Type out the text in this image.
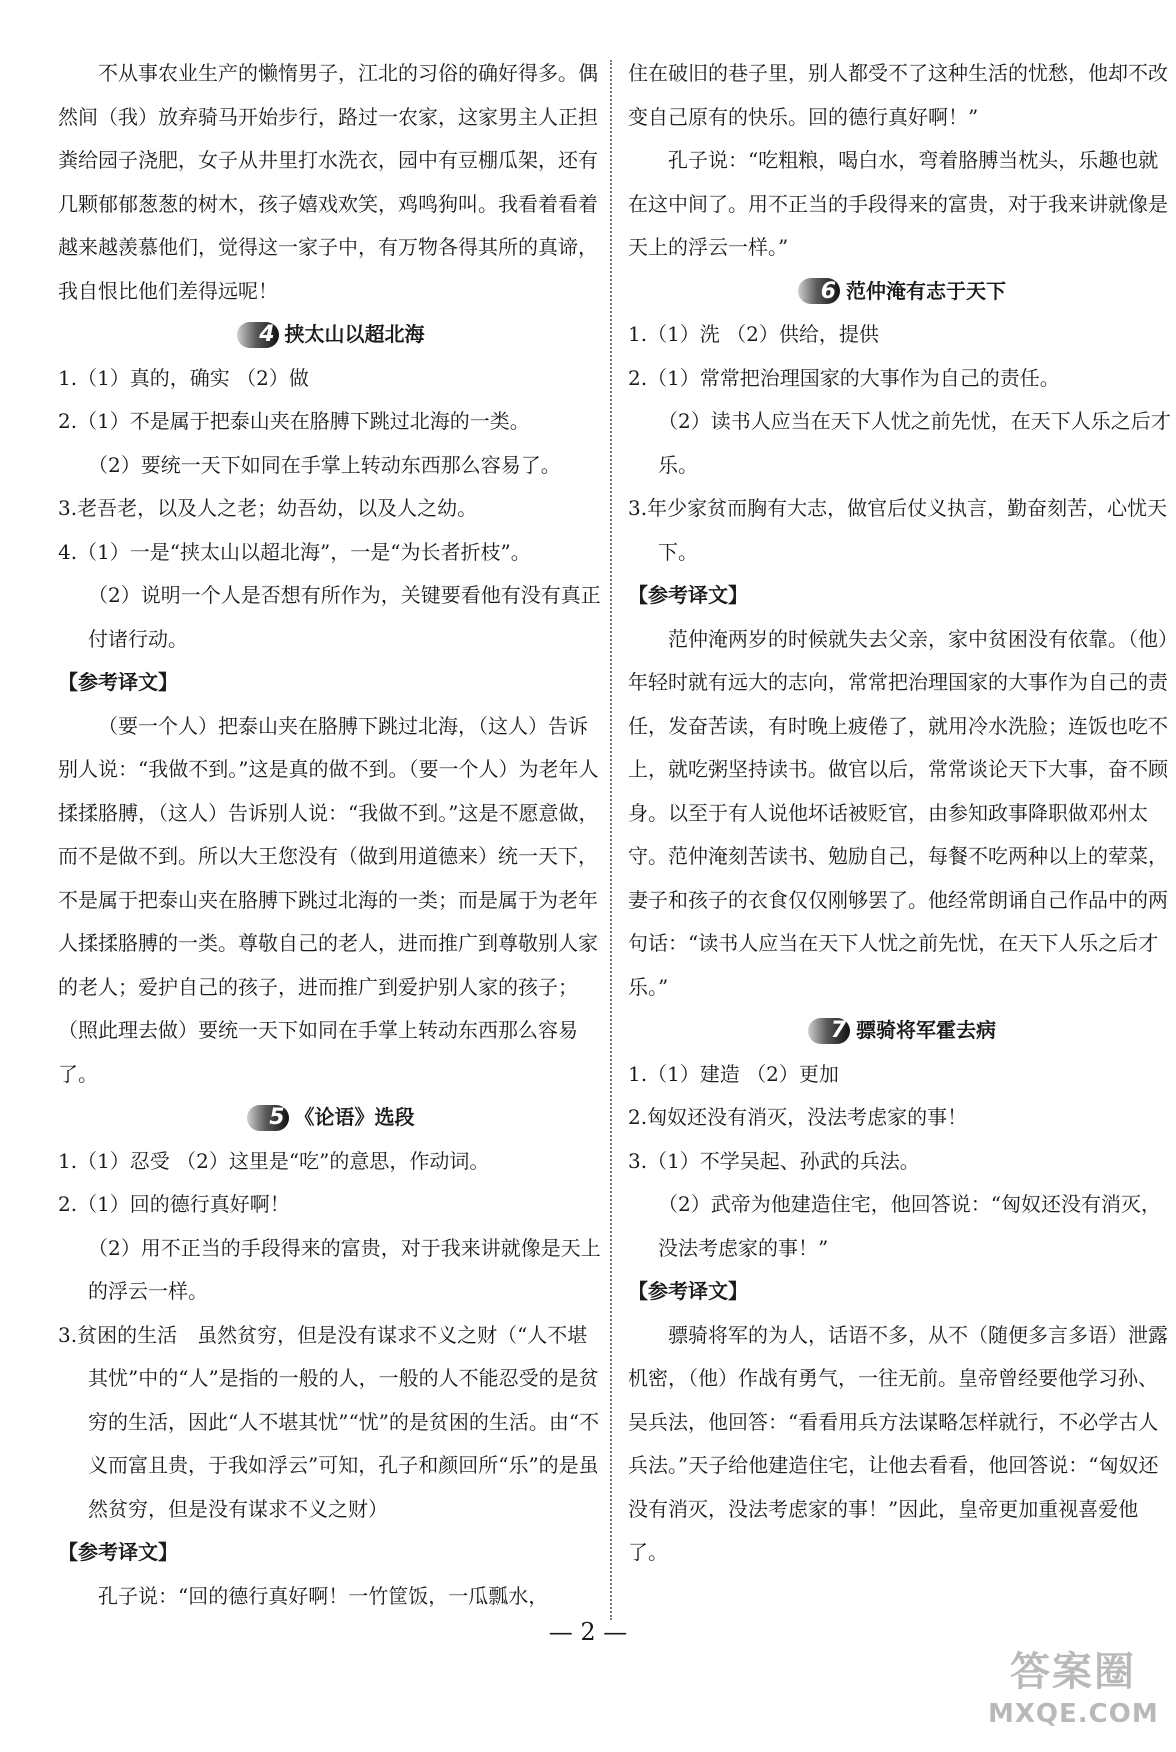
不从事农业生产的懒惰男子，江北的习俗的确好得多。偶然间（我）放弃骑马开始步行，路过一农家，这家男主人正担粪给园子浇肥，女子从井里打水洗衣，园中有豆棚瓜架，还有几颗郁郁葱葱的树木，孩子嬉戏欢笑，鸡鸣狗叫。我看着看着越来越羡慕他们，觉得这一家子中，有万物各得其所的真谛，我自恨比他们差得远呢！

4 挟太山以超北海

1.（1）真的，确实 （2）做

2.（1）不是属于把泰山夹在胳膊下跳过北海的一类。

（2）要统一天下如同在手掌上转动东西那么容易了。

3.老吾老，以及人之老；幼吾幼，以及人之幼。

4.（1）一是“挟太山以超北海”，一是“为长者折枝”。

（2）说明一个人是否想有所作为，关键要看他有没有真正付诸行动。

【参考译文】

（要一个人）把泰山夹在胳膊下跳过北海，（这人）告诉别人说：“我做不到。”这是真的做不到。（要一个人）为老年人揉揉胳膊，（这人）告诉别人说：“我做不到。”这是不愿意做，而不是做不到。所以大王您没有（做到用道德来）统一天下，不是属于把泰山夹在胳膊下跳过北海的一类；而是属于为老年人揉揉胳膊的一类。尊敬自己的老人，进而推广到尊敬别人家的老人；爱护自己的孩子，进而推广到爱护别人家的孩子；（照此理去做）要统一天下如同在手掌上转动东西那么容易了。

5 《论语》选段

1.（1）忍受 （2）这里是“吃”的意思，作动词。

2.（1）回的德行真好啊！

（2）用不正当的手段得来的富贵，对于我来讲就像是天上的浮云一样。

3.贫困的生活　虽然贫穷，但是没有谋求不义之财（“人不堪其忧”中的“人”是指的一般的人，一般的人不能忍受的是贫穷的生活，因此“人不堪其忧”“忧”的是贫困的生活。由“不义而富且贵，于我如浮云”可知，孔子和颜回所“乐”的是虽然贫穷，但是没有谋求不义之财）

【参考译文】

孔子说：“回的德行真好啊！一竹筐饭，一瓜瓢水，

住在破旧的巷子里，别人都受不了这种生活的忧愁，他却不改变自己原有的快乐。回的德行真好啊！”

孔子说：“吃粗粮，喝白水，弯着胳膊当枕头，乐趣也就在这中间了。用不正当的手段得来的富贵，对于我来讲就像是天上的浮云一样。”

6 范仲淹有志于天下

1.（1）洗 （2）供给，提供

2.（1）常常把治理国家的大事作为自己的责任。

（2）读书人应当在天下人忧之前先忧，在天下人乐之后才乐。

3.年少家贫而胸有大志，做官后仗义执言，勤奋刻苦，心忧天下。

【参考译文】

范仲淹两岁的时候就失去父亲，家中贫困没有依靠。（他）年轻时就有远大的志向，常常把治理国家的大事作为自己的责任，发奋苦读，有时晚上疲倦了，就用冷水洗脸；连饭也吃不上，就吃粥坚持读书。做官以后，常常谈论天下大事，奋不顾身。以至于有人说他坏话被贬官，由参知政事降职做邓州太守。范仲淹刻苦读书、勉励自己，每餐不吃两种以上的荤菜，妻子和孩子的衣食仅仅刚够罢了。他经常朗诵自己作品中的两句话：“读书人应当在天下人忧之前先忧，在天下人乐之后才乐。”

7 骠骑将军霍去病

1.（1）建造 （2）更加

2.匈奴还没有消灭，没法考虑家的事！

3.（1）不学吴起、孙武的兵法。

（2）武帝为他建造住宅，他回答说：“匈奴还没有消灭，没法考虑家的事！”

【参考译文】

骠骑将军的为人，话语不多，从不（随便多言多语）泄露机密，（他）作战有勇气，一往无前。皇帝曾经要他学习孙、吴兵法，他回答：“看看用兵方法谋略怎样就行，不必学古人兵法。”天子给他建造住宅，让他去看看，他回答说：“匈奴还没有消灭，没法考虑家的事！”因此，皇帝更加重视喜爱他了。

— 2 —
答案圈
MXQE.COM
